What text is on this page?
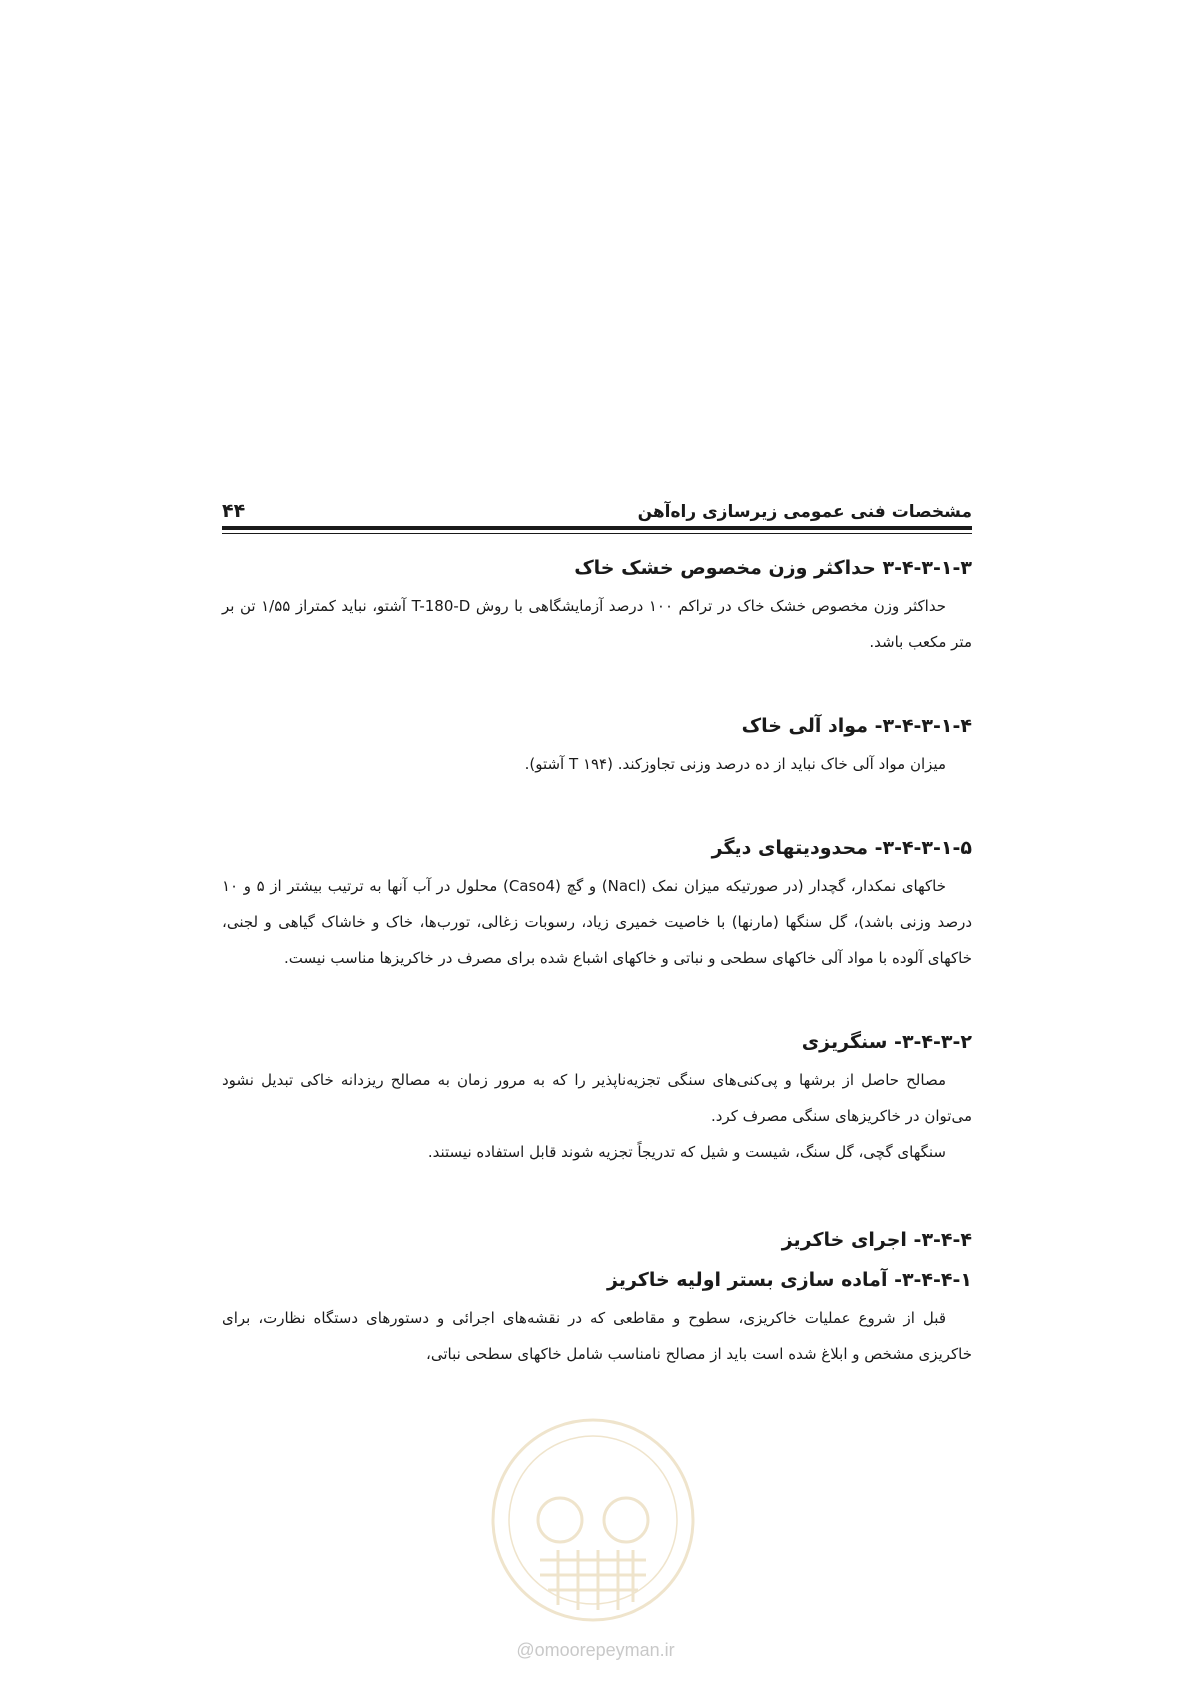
۴۴	مشخصات فنی عمومی زیرسازی راه‌آهن
۳-۴-۳-۱-۳ حداکثر وزن مخصوص خشک خاک

حداکثر وزن مخصوص خشک خاک در تراکم ۱۰۰ درصد آزمایشگاهی با روش T-180-D آشتو، نباید کمتراز ۱/۵۵ تن بر متر مکعب باشد.

۳-۴-۳-۱-۴- مواد آلی خاک

میزان مواد آلی خاک نباید از ده درصد وزنی تجاوزکند. (۱۹۴ T آشتو).

۳-۴-۳-۱-۵- محدودیتهای دیگر

خاکهای نمکدار، گچدار (در صورتیکه میزان نمک (Nacl) و گچ (Caso4) محلول در آب آنها به ترتیب بیشتر از ۵ و ۱۰ درصد وزنی باشد)، گل سنگها (مارنها) با خاصیت خمیری زیاد، رسوبات زغالی، تورب‌ها، خاک و خاشاک گیاهی و لجنی، خاکهای آلوده با مواد آلی خاکهای سطحی و نباتی و خاکهای اشباع شده برای مصرف در خاکریزها مناسب نیست.

۳-۴-۳-۲- سنگریزی

مصالح حاصل از برشها و پی‌کنی‌های سنگی تجزیه‌ناپذیر را که به مرور زمان به مصالح ریزدانه خاکی تبدیل نشود می‌توان در خاکریزهای سنگی مصرف کرد.

سنگهای گچی، گل سنگ، شیست و شیل که تدریجاً تجزیه شوند قابل استفاده نیستند.

۳-۴-۴- اجرای خاکریز
۳-۴-۴-۱- آماده سازی بستر اولیه خاکریز

قبل از شروع عملیات خاکریزی، سطوح و مقاطعی که در نقشه‌های اجرائی و دستورهای دستگاه نظارت، برای خاکریزی مشخص و ابلاغ شده است باید از مصالح نامناسب شامل خاکهای سطحی نباتی،

@omoorepeyman.ir
